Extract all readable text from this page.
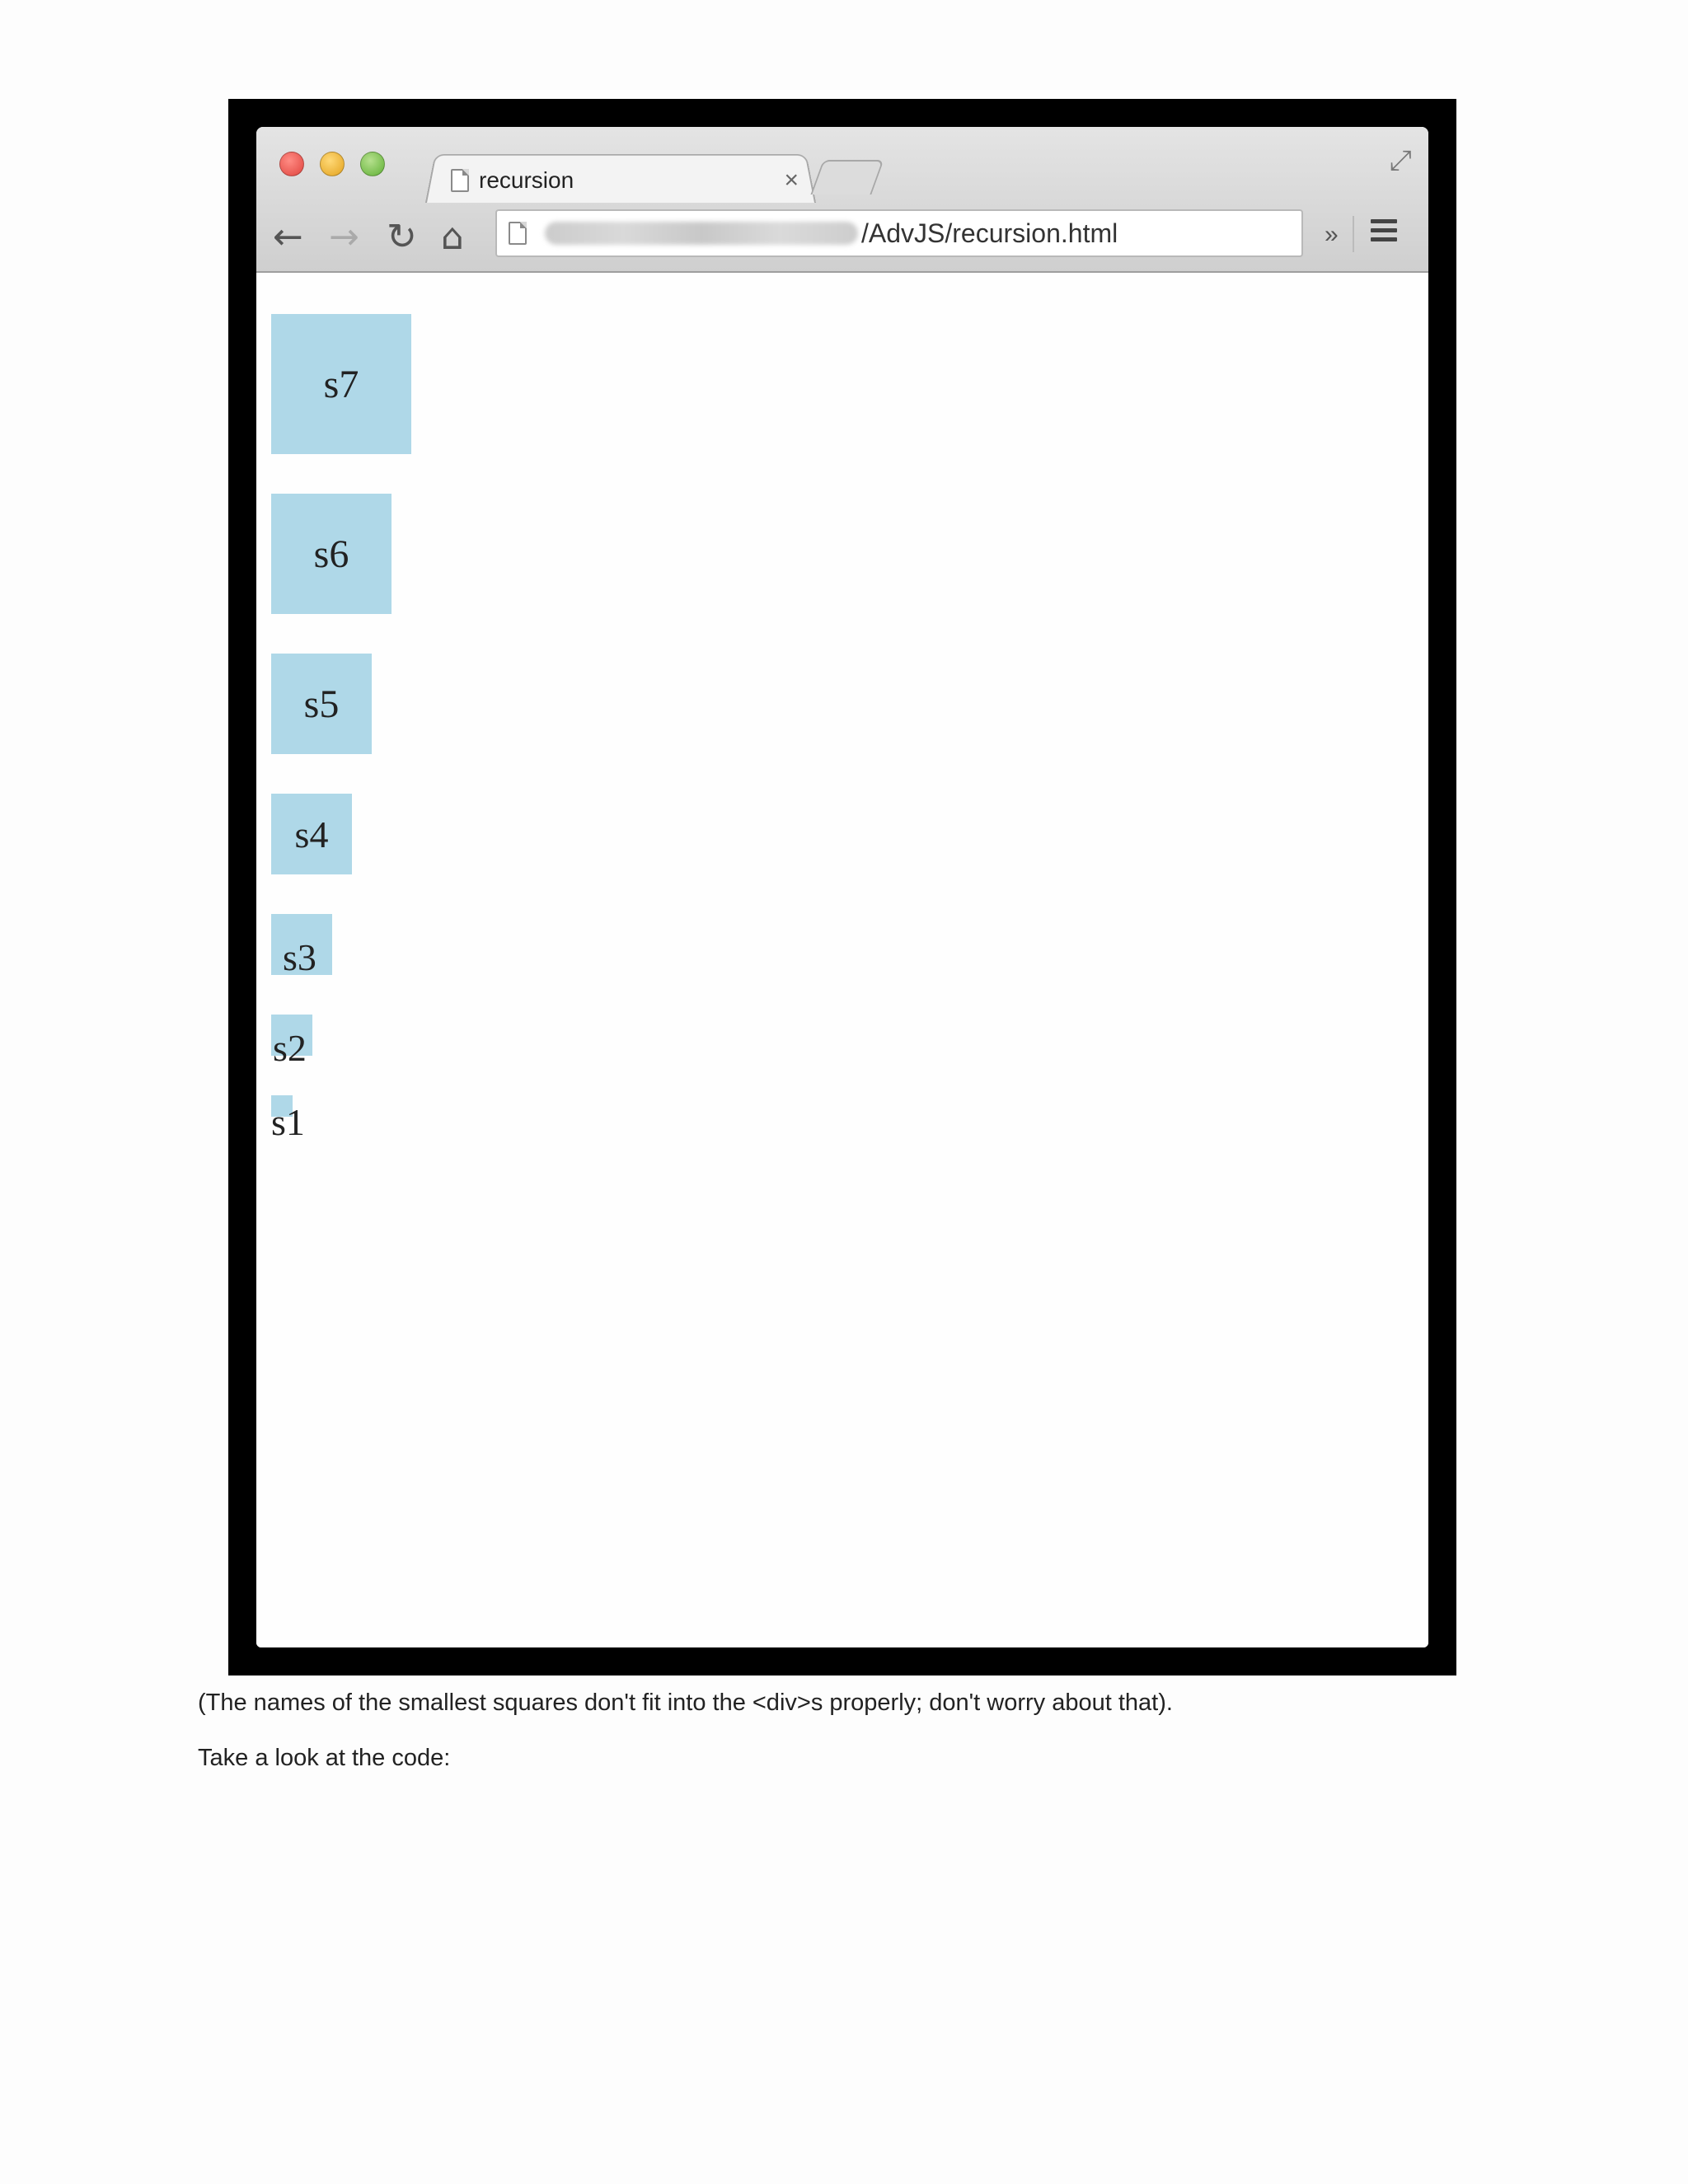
recursion	×
⤢
← → ↻ ⌂	/AdvJS/recursion.html	»
s7
s6
s5
s4
s3
s2
s1
(The names of the smallest squares don't fit into the <div>s properly; don't worry about that).
Take a look at the code:
